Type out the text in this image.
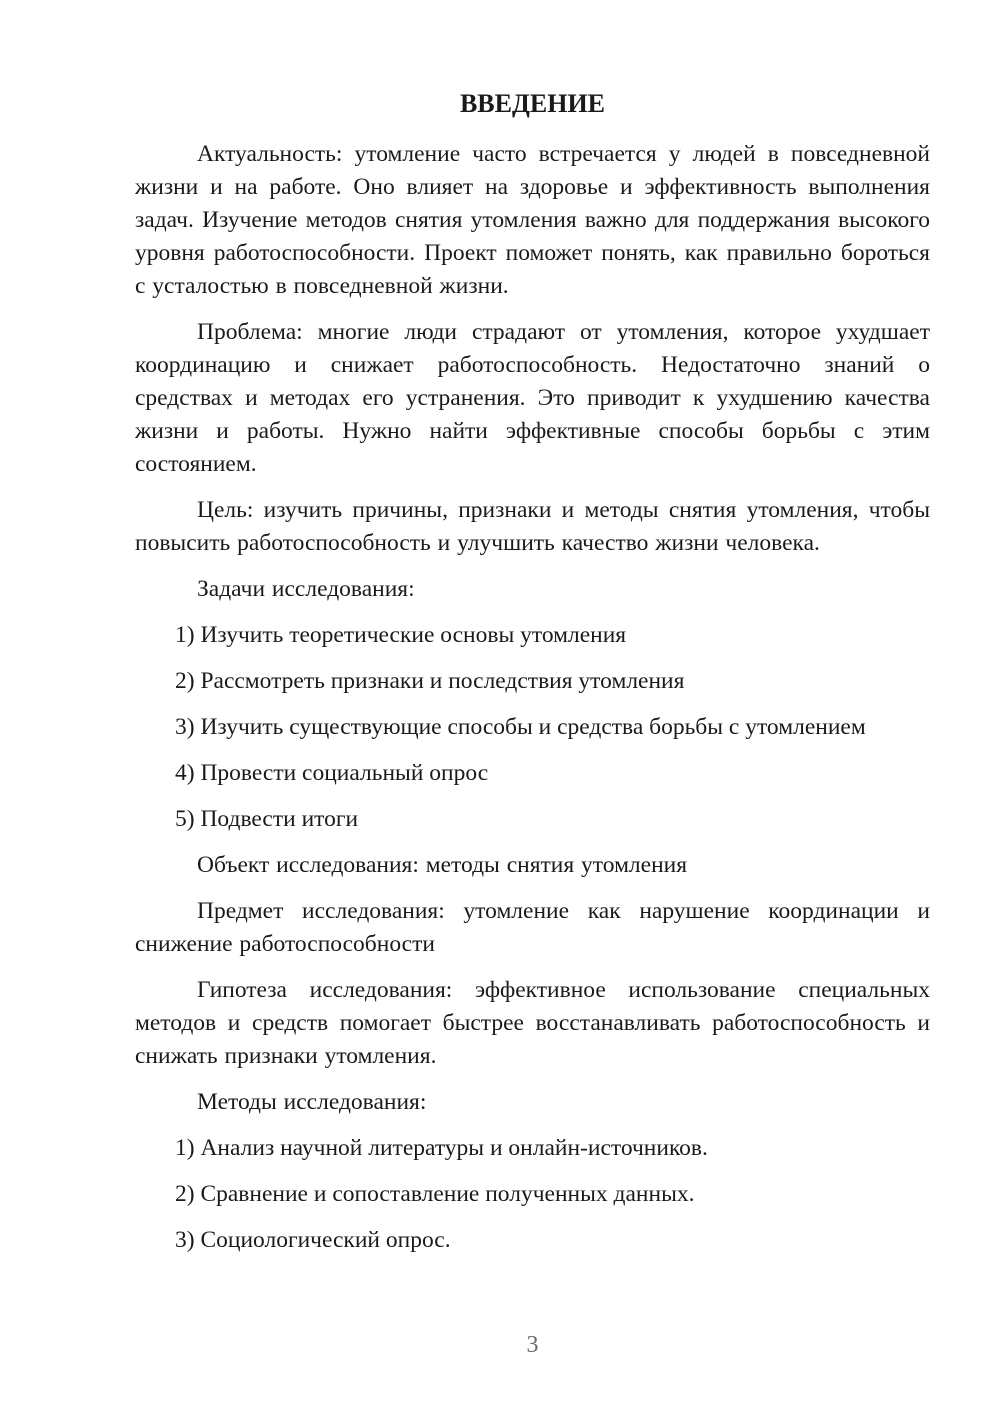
ВВЕДЕНИЕ

Актуальность: утомление часто встречается у людей в повседневной жизни и на работе. Оно влияет на здоровье и эффективность выполнения задач. Изучение методов снятия утомления важно для поддержания высокого уровня работоспособности. Проект поможет понять, как правильно бороться с усталостью в повседневной жизни.

Проблема: многие люди страдают от утомления, которое ухудшает координацию и снижает работоспособность. Недостаточно знаний о средствах и методах его устранения. Это приводит к ухудшению качества жизни и работы. Нужно найти эффективные способы борьбы с этим состоянием.

Цель: изучить причины, признаки и методы снятия утомления, чтобы повысить работоспособность и улучшить качество жизни человека.

Задачи исследования:

1) Изучить теоретические основы утомления

2) Рассмотреть признаки и последствия утомления

3) Изучить существующие способы и средства борьбы с утомлением

4) Провести социальный опрос

5) Подвести итоги

Объект исследования: методы снятия утомления

Предмет исследования: утомление как нарушение координации и снижение работоспособности

Гипотеза исследования: эффективное использование специальных методов и средств помогает быстрее восстанавливать работоспособность и снижать признаки утомления.

Методы исследования:

1) Анализ научной литературы и онлайн-источников.

2) Сравнение и сопоставление полученных данных.

3) Социологический опрос.

3
